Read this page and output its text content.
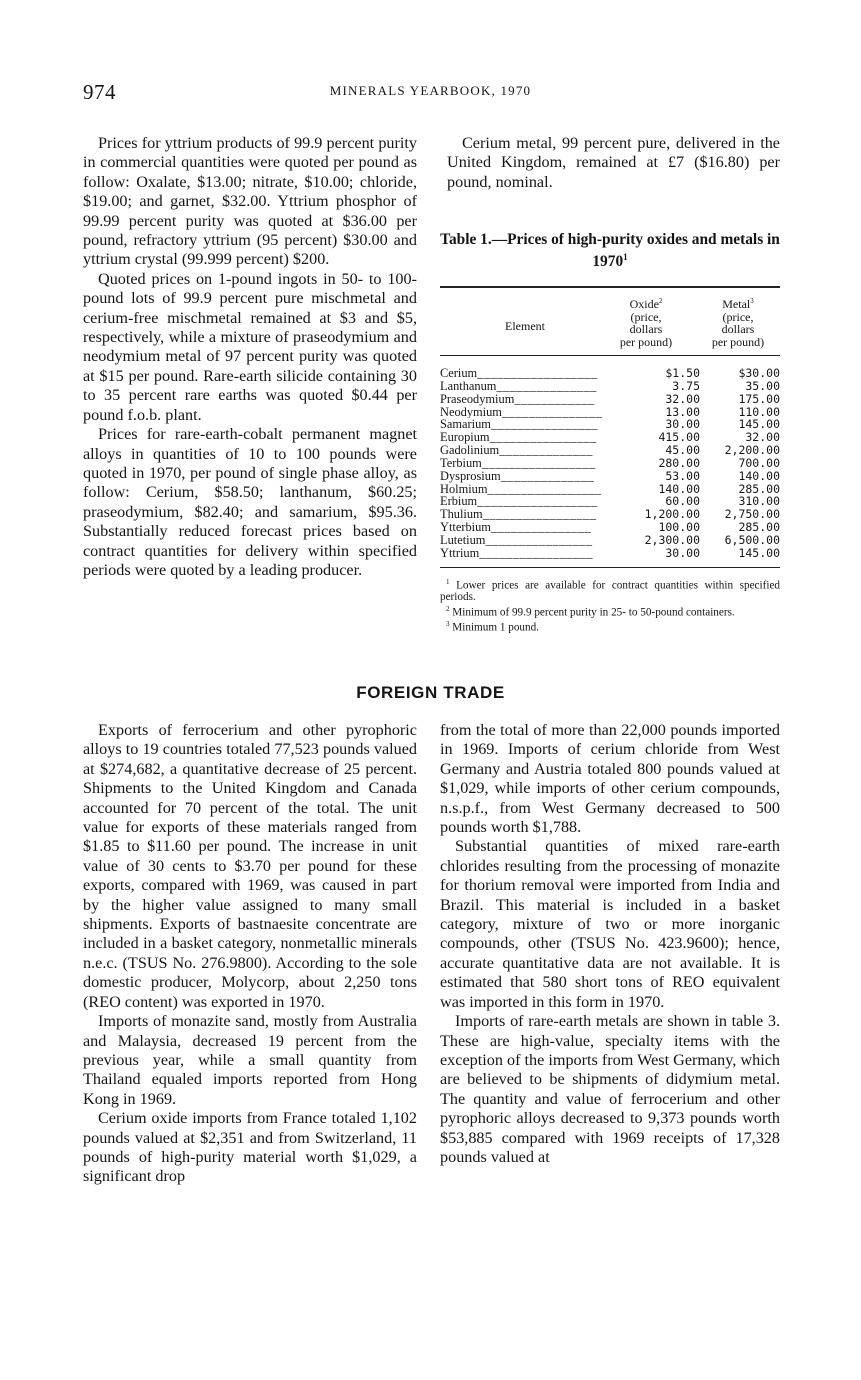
974	MINERALS YEARBOOK, 1970

Prices for yttrium products of 99.9 percent purity in commercial quantities were quoted per pound as follow: Oxalate, $13.00; nitrate, $10.00; chloride, $19.00; and garnet, $32.00. Yttrium phosphor of 99.99 percent purity was quoted at $36.00 per pound, refractory yttrium (95 percent) $30.00 and yttrium crystal (99.999 percent) $200.

Quoted prices on 1-pound ingots in 50- to 100-pound lots of 99.9 percent pure mischmetal and cerium-free mischmetal remained at $3 and $5, respectively, while a mixture of praseodymium and neodymium metal of 97 percent purity was quoted at $15 per pound. Rare-earth silicide containing 30 to 35 percent rare earths was quoted $0.44 per pound f.o.b. plant.

Prices for rare-earth-cobalt permanent magnet alloys in quantities of 10 to 100 pounds were quoted in 1970, per pound of single phase alloy, as follow: Cerium, $58.50; lanthanum, $60.25; praseodymium, $82.40; and samarium, $95.36. Substantially reduced forecast prices based on contract quantities for delivery within specified periods were quoted by a leading producer.

Cerium metal, 99 percent pure, delivered in the United Kingdom, remained at £7 ($16.80) per pound, nominal.

Table 1.—Prices of high-purity oxides and metals in 1970$^1$
Element
Oxide$^2$
(price,
dollars
per pound)
Metal$^3$
(price,
dollars
per pound)
Cerium__________________	$1.50	$30.00
Lanthanum_______________	3.75	35.00
Praseodymium____________	32.00	175.00
Neodymium_______________	13.00	110.00
Samarium________________	30.00	145.00
Europium________________	415.00	32.00
Gadolinium______________	45.00	2,200.00
Terbium_________________	280.00	700.00
Dysprosium______________	53.00	140.00
Holmium_________________	140.00	285.00
Erbium__________________	60.00	310.00
Thulium_________________	1,200.00	2,750.00
Ytterbium_______________	100.00	285.00
Lutetium________________	2,300.00	6,500.00
Yttrium_________________	30.00	145.00
$^1$ Lower prices are available for contract quantities within specified periods.
$^2$ Minimum of 99.9 percent purity in 25- to 50-pound containers.
$^3$ Minimum 1 pound.
FOREIGN TRADE

Exports of ferrocerium and other pyrophoric alloys to 19 countries totaled 77,523 pounds valued at $274,682, a quantitative decrease of 25 percent. Shipments to the United Kingdom and Canada accounted for 70 percent of the total. The unit value for exports of these materials ranged from $1.85 to $11.60 per pound. The increase in unit value of 30 cents to $3.70 per pound for these exports, compared with 1969, was caused in part by the higher value assigned to many small shipments. Exports of bastnaesite concentrate are included in a basket category, nonmetallic minerals n.e.c. (TSUS No. 276.9800). According to the sole domestic producer, Molycorp, about 2,250 tons (REO content) was exported in 1970.

Imports of monazite sand, mostly from Australia and Malaysia, decreased 19 percent from the previous year, while a small quantity from Thailand equaled imports reported from Hong Kong in 1969.

Cerium oxide imports from France totaled 1,102 pounds valued at $2,351 and from Switzerland, 11 pounds of high-purity material worth $1,029, a significant drop

from the total of more than 22,000 pounds imported in 1969. Imports of cerium chloride from West Germany and Austria totaled 800 pounds valued at $1,029, while imports of other cerium compounds, n.s.p.f., from West Germany decreased to 500 pounds worth $1,788.

Substantial quantities of mixed rare-earth chlorides resulting from the processing of monazite for thorium removal were imported from India and Brazil. This material is included in a basket category, mixture of two or more inorganic compounds, other (TSUS No. 423.9600); hence, accurate quantitative data are not available. It is estimated that 580 short tons of REO equivalent was imported in this form in 1970.

Imports of rare-earth metals are shown in table 3. These are high-value, specialty items with the exception of the imports from West Germany, which are believed to be shipments of didymium metal. The quantity and value of ferrocerium and other pyrophoric alloys decreased to 9,373 pounds worth $53,885 compared with 1969 receipts of 17,328 pounds valued at
